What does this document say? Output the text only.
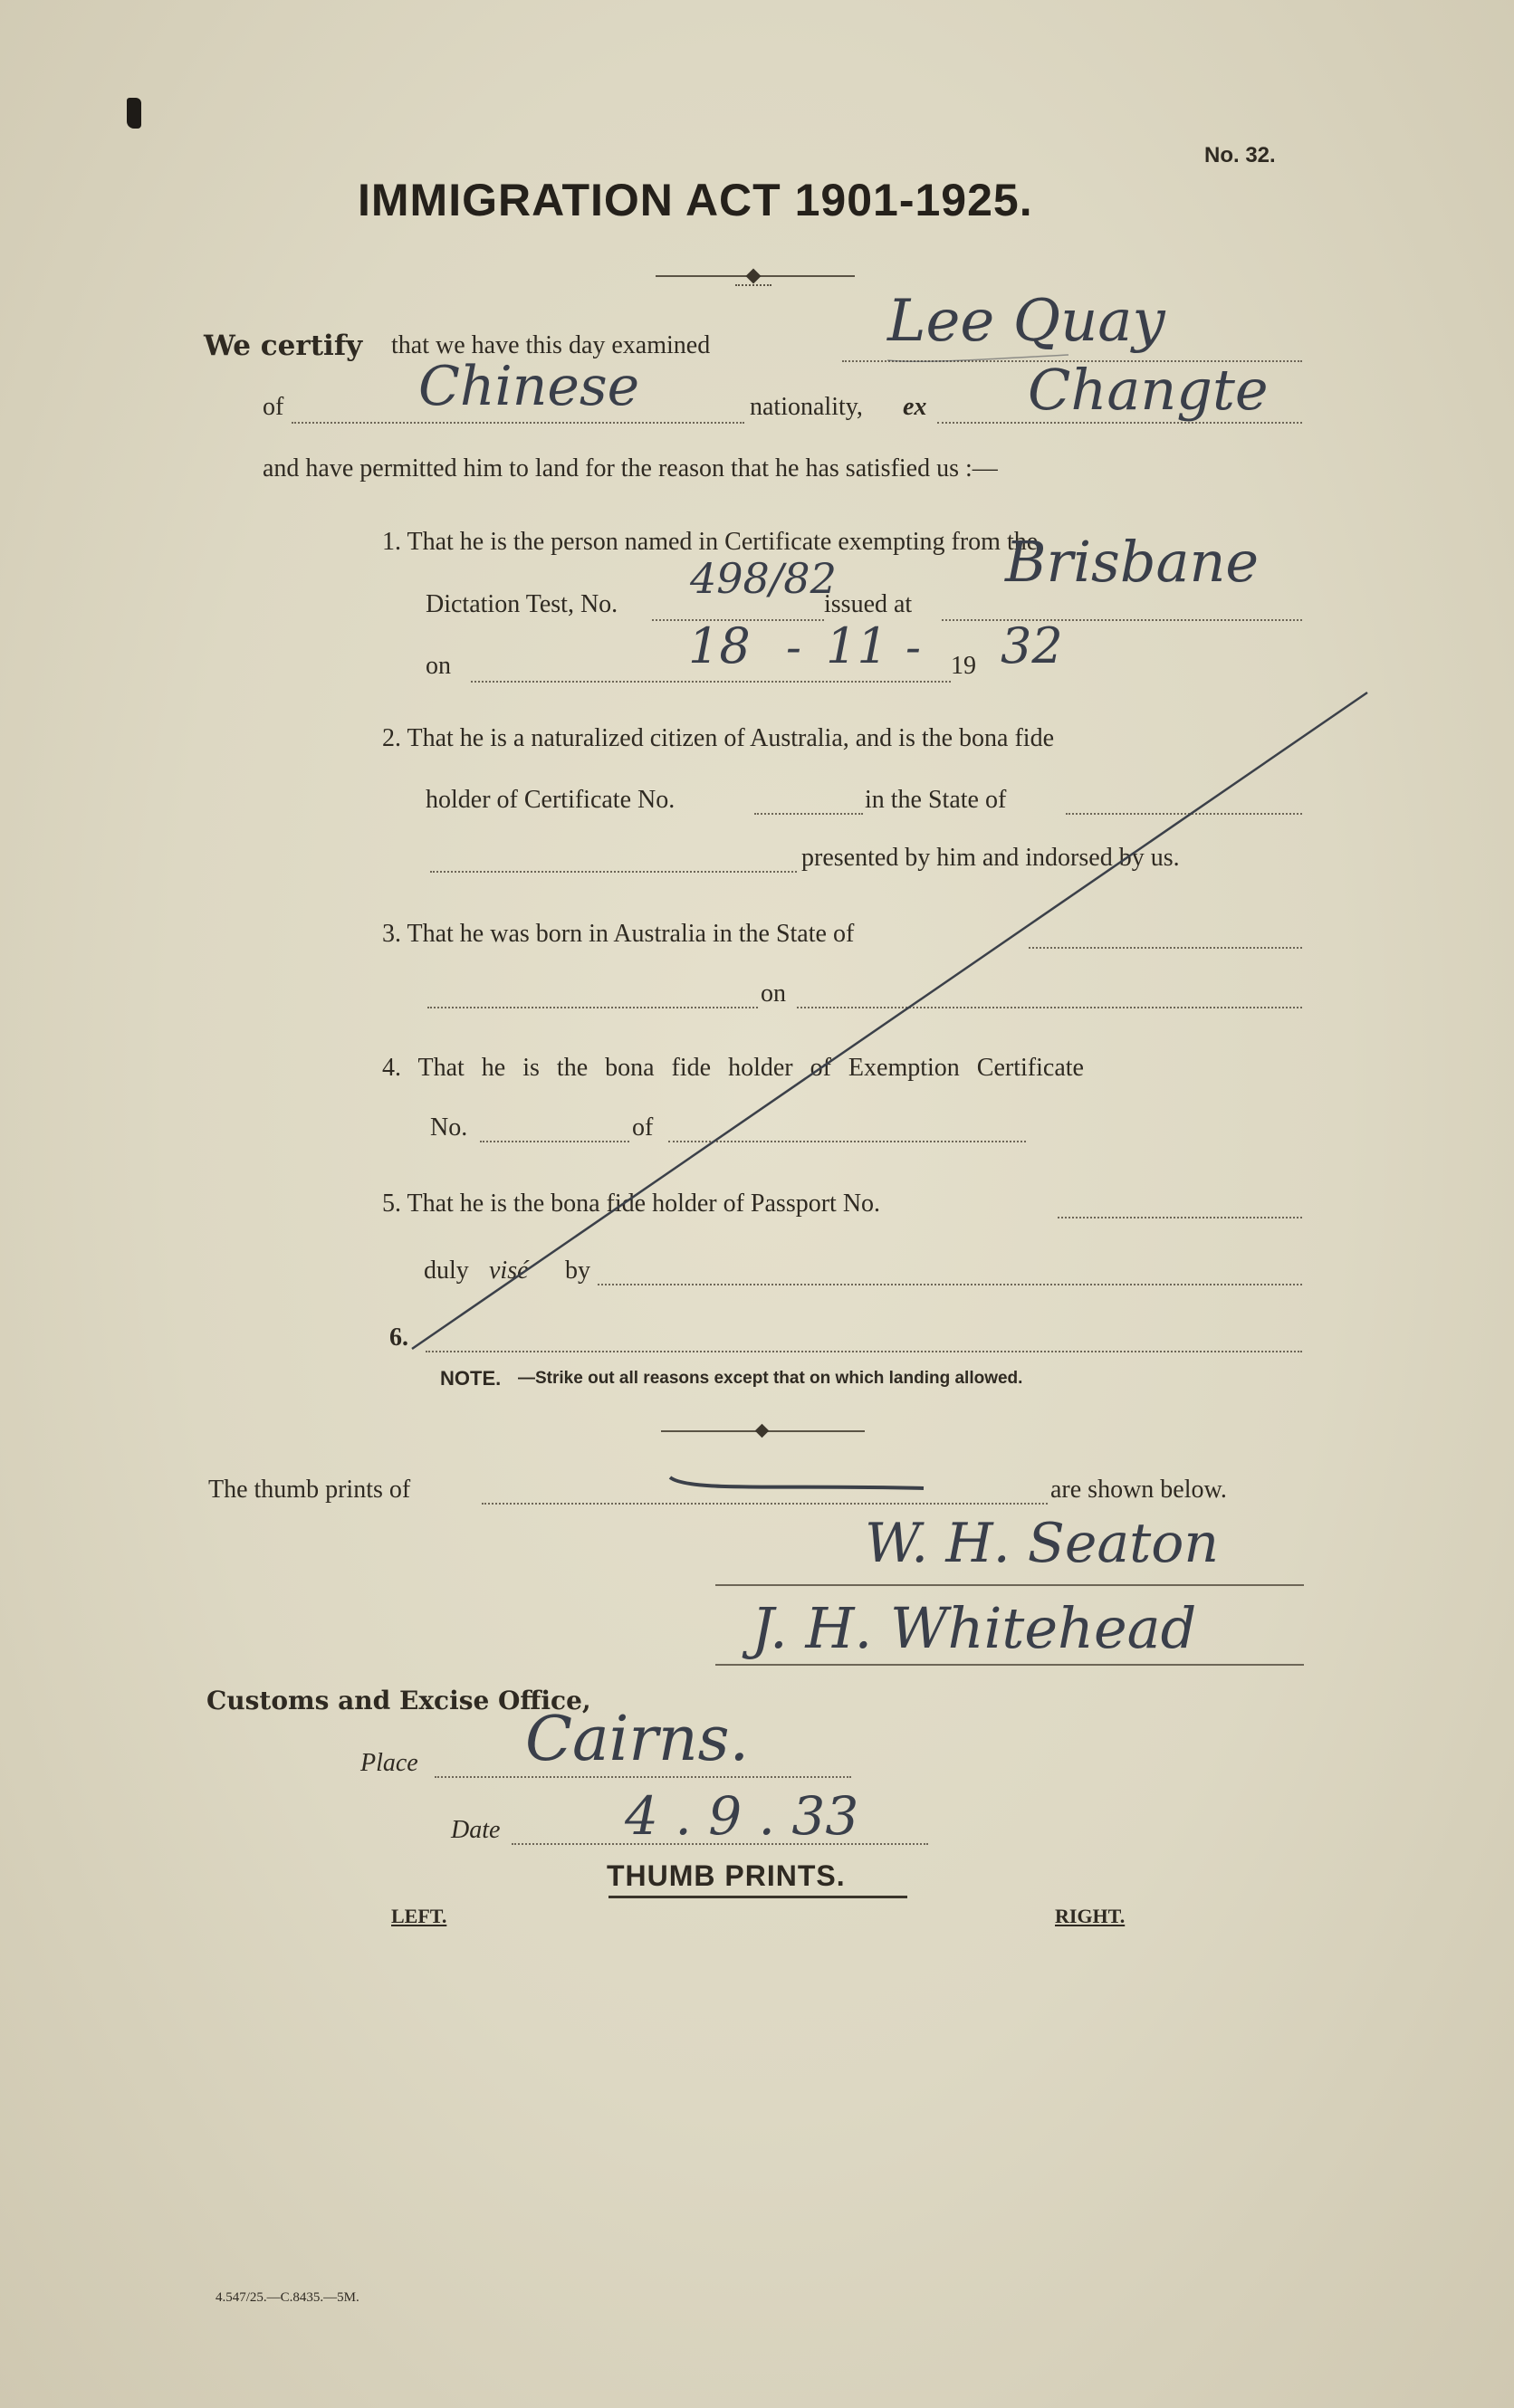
No. 32.
IMMIGRATION ACT 1901-1925.
We certify that we have this day examined	Lee Quay
of Chinese	nationality, ex Changte
and have permitted him to land for the reason that he has satisfied us :—
1. That he is the person named in Certificate exempting from the
Dictation Test, No.
498/82
issued at
Brisbane
on	18 - 11 - 19 32
2. That he is a naturalized citizen of Australia, and is the bona fide
holder of Certificate No.	in the State of
presented by him and indorsed by us.
3. That he was born in Australia in the State of
on
4. That he is the bona fide holder of Exemption Certificate
No.	of
5. That he is the bona fide holder of Passport No.
duly visé by
6.
NOTE. —Strike out all reasons except that on which landing allowed.
The thumb prints of	are shown below.
W. H. Seaton
J. H. Whitehead
Customs and Excise Office,
Place Cairns.
Date 4 . 9 . 33
THUMB PRINTS.
LEFT.	RIGHT.
4.547/25.—C.8435.—5M.
